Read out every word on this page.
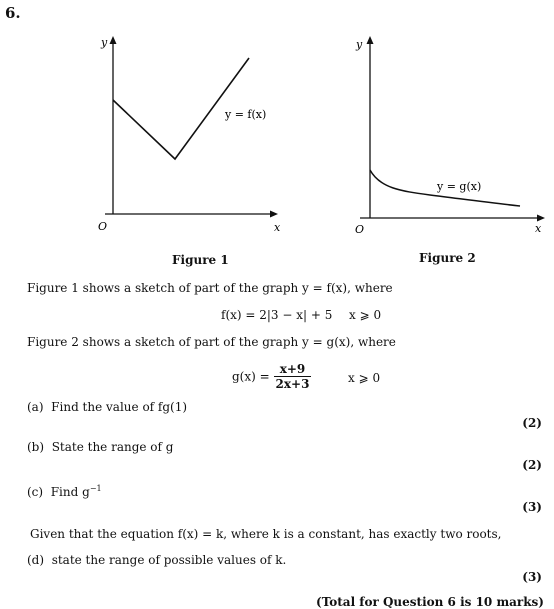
6.
y
x
O
y = f(x)
y
x
O
y = g(x)
Figure 1	Figure 2
Figure 1 shows a sketch of part of the graph y = f(x), where
f(x) = 2|3 − x| + 5 x ⩾ 0
Figure 2 shows a sketch of part of the graph y = g(x), where
$g(x) = \frac{x+9}{2x+3}$	x ⩾ 0
(a) Find the value of fg(1)
(2)
(b) State the range of g
(2)
(c) Find $g^{-1}$
(3)
Given that the equation f(x) = k, where k is a constant, has exactly two roots,
(d) state the range of possible values of k.
(3)
(Total for Question 6 is 10 marks)
